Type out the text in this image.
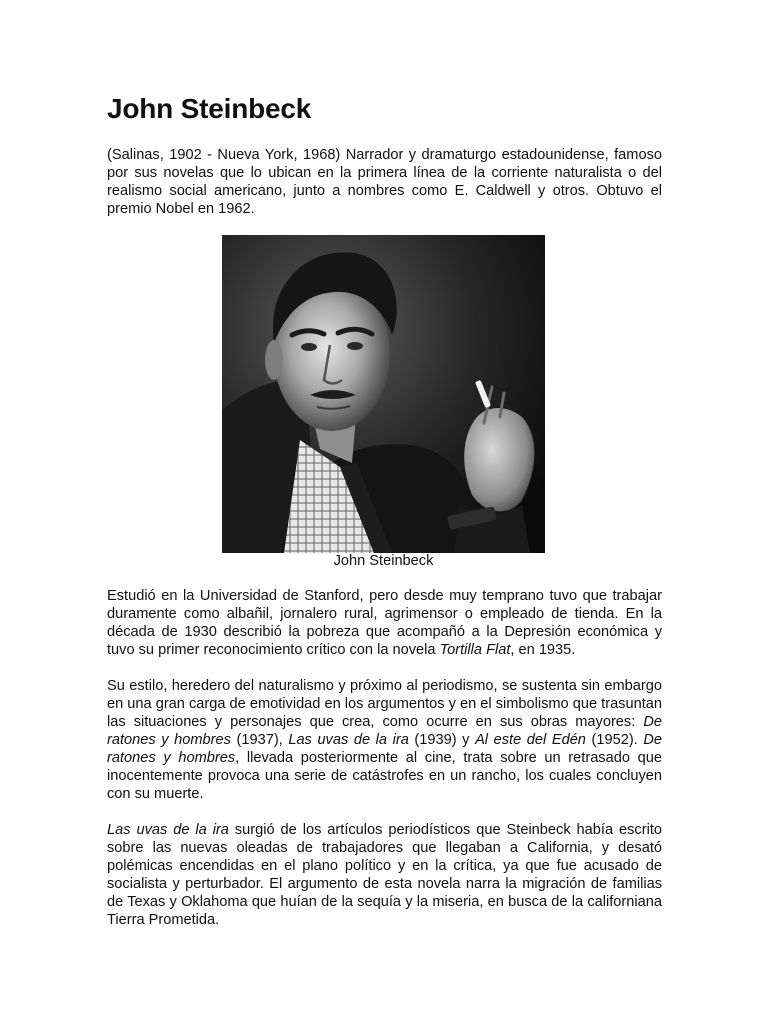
John Steinbeck

(Salinas, 1902 - Nueva York, 1968) Narrador y dramaturgo estadounidense, famoso por sus novelas que lo ubican en la primera línea de la corriente naturalista o del realismo social americano, junto a nombres como E. Caldwell y otros. Obtuvo el premio Nobel en 1962.

Estudió en la Universidad de Stanford, pero desde muy temprano tuvo que trabajar duramente como albañil, jornalero rural, agrimensor o empleado de tienda. En la década de 1930 describió la pobreza que acompañó a la Depresión económica y tuvo su primer reconocimiento crítico con la novela Tortilla Flat, en 1935.

Su estilo, heredero del naturalismo y próximo al periodismo, se sustenta sin embargo en una gran carga de emotividad en los argumentos y en el simbolismo que trasuntan las situaciones y personajes que crea, como ocurre en sus obras mayores: De ratones y hombres (1937), Las uvas de la ira (1939) y Al este del Edén (1952). De ratones y hombres, llevada posteriormente al cine, trata sobre un retrasado que inocentemente provoca una serie de catástrofes en un rancho, los cuales concluyen con su muerte.

Las uvas de la ira surgió de los artículos periodísticos que Steinbeck había escrito sobre las nuevas oleadas de trabajadores que llegaban a California, y desató polémicas encendidas en el plano político y en la crítica, ya que fue acusado de socialista y perturbador. El argumento de esta novela narra la migración de familias de Texas y Oklahoma que huían de la sequía y la miseria, en busca de la californiana Tierra Prometida.

John Steinbeck
